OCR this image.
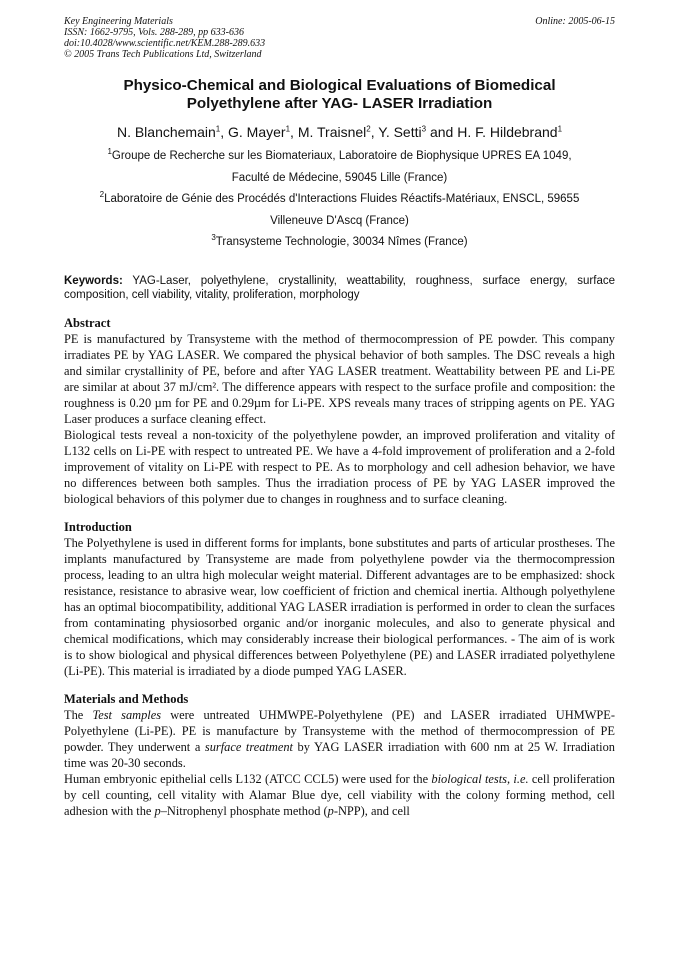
Key Engineering Materials
ISSN: 1662-9795, Vols. 288-289, pp 633-636
doi:10.4028/www.scientific.net/KEM.288-289.633
© 2005 Trans Tech Publications Ltd, Switzerland
Online: 2005-06-15
Physico-Chemical and Biological Evaluations of Biomedical
Polyethylene after YAG- LASER Irradiation
N. Blanchemain$^1$, G. Mayer$^1$, M. Traisnel$^2$, Y. Setti$^3$ and H. F. Hildebrand$^1$
$^1$Groupe de Recherche sur les Biomateriaux, Laboratoire de Biophysique UPRES EA 1049,
Faculté de Médecine, 59045 Lille (France)
$^2$Laboratoire de Génie des Procédés d'Interactions Fluides Réactifs-Matériaux, ENSCL, 59655
Villeneuve D'Ascq (France)
$^3$Transysteme Technologie, 30034 Nîmes (France)
Keywords: YAG-Laser, polyethylene, crystallinity, weattability, roughness, surface energy, surface composition, cell viability, vitality, proliferation, morphology
Abstract

PE is manufactured by Transysteme with the method of thermocompression of PE powder. This company irradiates PE by YAG LASER. We compared the physical behavior of both samples. The DSC reveals a high and similar crystallinity of PE, before and after YAG LASER treatment. Weattability between PE and Li-PE are similar at about 37 mJ/cm². The difference appears with respect to the surface profile and composition: the roughness is 0.20 µm for PE and 0.29µm for Li-PE. XPS reveals many traces of stripping agents on PE. YAG Laser produces a surface cleaning effect.

Biological tests reveal a non-toxicity of the polyethylene powder, an improved proliferation and vitality of L132 cells on Li-PE with respect to untreated PE. We have a 4-fold improvement of proliferation and a 2-fold improvement of vitality on Li-PE with respect to PE. As to morphology and cell adhesion behavior, we have no differences between both samples. Thus the irradiation process of PE by YAG LASER improved the biological behaviors of this polymer due to changes in roughness and to surface cleaning.

Introduction

The Polyethylene is used in different forms for implants, bone substitutes and parts of articular prostheses. The implants manufactured by Transysteme are made from polyethylene powder via the thermocompression process, leading to an ultra high molecular weight material. Different advantages are to be emphasized: shock resistance, resistance to abrasive wear, low coefficient of friction and chemical inertia. Although polyethylene has an optimal biocompatibility, additional YAG LASER irradiation is performed in order to clean the surfaces from contaminating physiosorbed organic and/or inorganic molecules, and also to generate physical and chemical modifications, which may considerably increase their biological performances. - The aim of is work is to show biological and physical differences between Polyethylene (PE) and LASER irradiated polyethylene (Li-PE). This material is irradiated by a diode pumped YAG LASER.

Materials and Methods

The Test samples were untreated UHMWPE-Polyethylene (PE) and LASER irradiated UHMWPE-Polyethylene (Li-PE). PE is manufacture by Transysteme with the method of thermocompression of PE powder. They underwent a surface treatment by YAG LASER irradiation with 600 nm at 25 W. Irradiation time was 20-30 seconds.

Human embryonic epithelial cells L132 (ATCC CCL5) were used for the biological tests, i.e. cell proliferation by cell counting, cell vitality with Alamar Blue dye, cell viability with the colony forming method, cell adhesion with the p–Nitrophenyl phosphate method (p-NPP), and cell
